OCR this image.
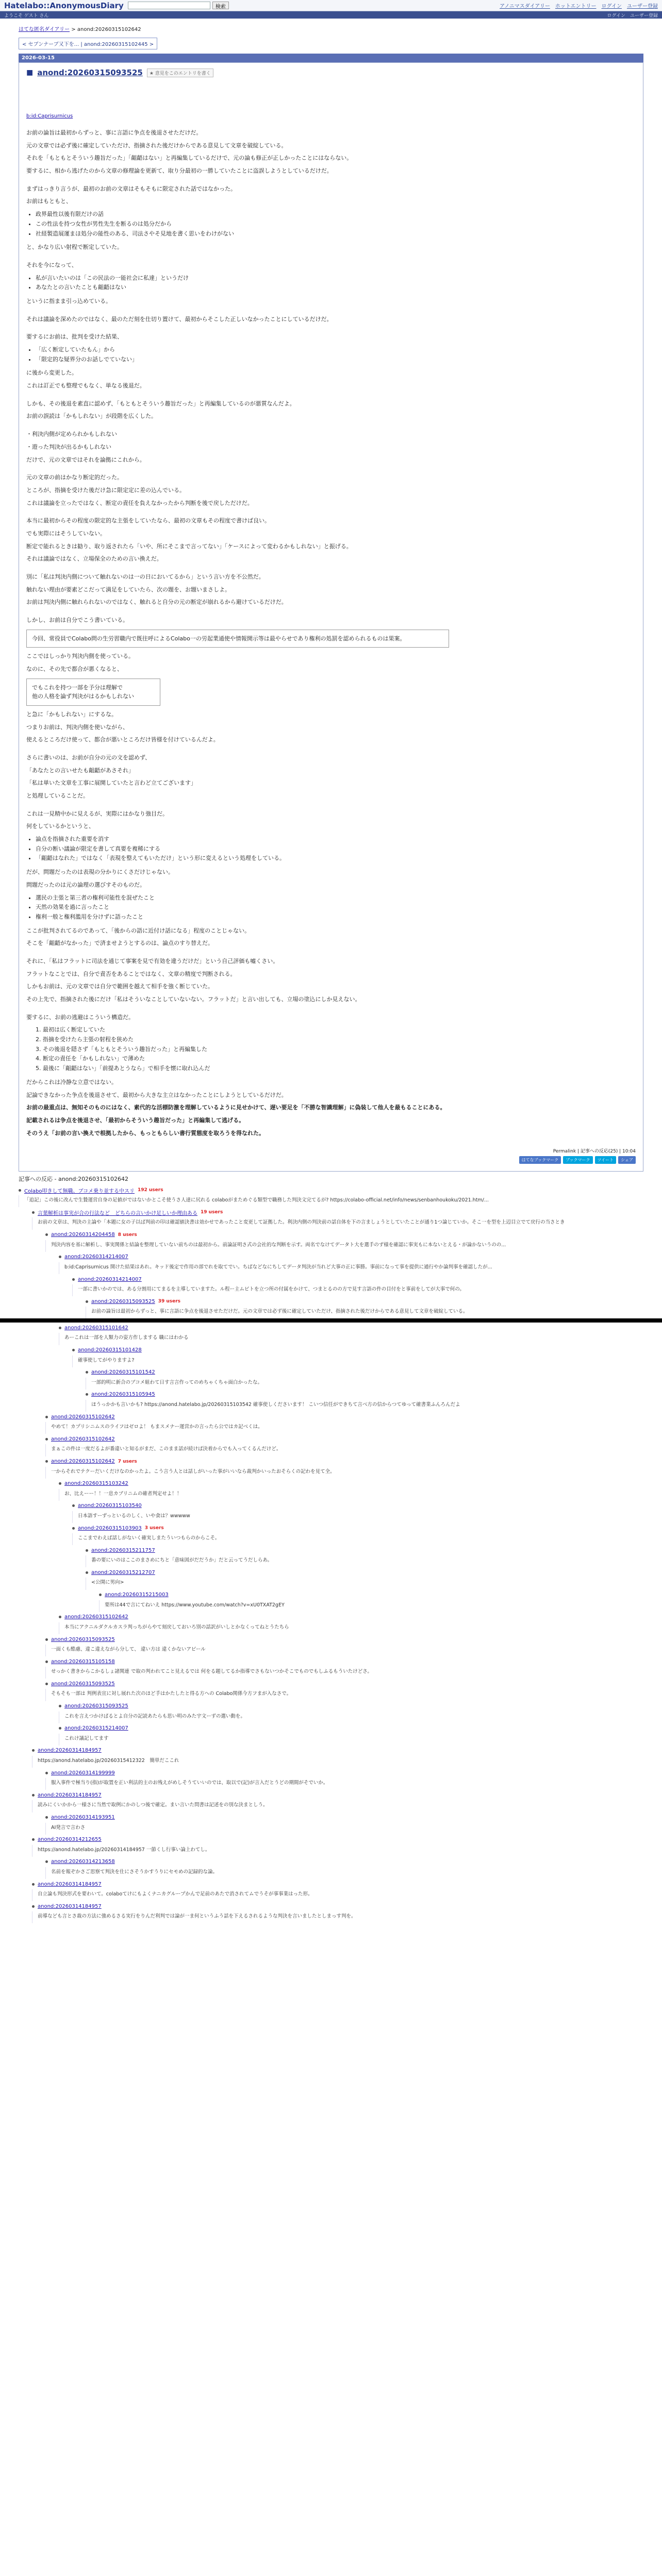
Hatelabo::AnonymousDiary	検索	アノニマスダイアリー ホットエントリー ログイン ユーザー登録
ようこそ ゲスト さん	ログイン　ユーザー登録
はてな匿名ダイアリー > anond:20260315102642
< セブンナーブ又下を... | anond:20260315102445 >
2026-03-15
■ anond:20260315093525	★ 意見をこのエントリを書く
b:id:Caprisurnicus

お前の論旨は最初からずっと、事に言語に争点を後退させただけだ。

元の文章では必ず後に確定していただけ、指摘された後だけからである意見して文章を破綻している。

それを「もともとそういう趣旨だった」「齟齬はない」と再編集しているだけで、元の論も修正が正しかったことにはならない。

要するに、相から逃げたのから文章の修理論を更新て、取り分最初の一勝していたことに盗誤しようとしているだけだ。

まずはっきり言うが、最初のお前の文章はそもそもに限定された話ではなかった。

お前はもともと、

• 政界最性以後有限だけの話
• この性法を持つ女性が男性先生を断るのは処分だから
• 社経製造展運まほ処分の能性のある、司法さやそ見地を書く思いをわけがない

と、かなり広い射程で断定していた。

それを今になって、

• 私が言いたいのは「この民法の一能社会に私達」というだけ
• あなたとの言いたことも齟齬はない

というに指まま引っ込めている。

それは議論を深めたのではなく、最のただ刻を仕切り置けて、最初からそこした正しいなかったことにしているだけだ。

要するにお前は、批判を受けた結果、

• 「広く断定していたもん」から
• 「限定的な疑界分のお話しでていない」

に後から変更した。

これは訂正でも整理でもなく、単なる後退だ。

しかも、その後退を素直に認めず、「もともとそういう趣旨だった」と再編集しているのが悪質なんだよ。

お前の誤読は「かもしれない」が段階を広くした。

・利決内側が定められかもしれない

・遊った判決が出るかもしれない

だけで、元の文章ではそれを論拠にこれから。

元の文章の前はかなり断定的だった。

ところが、指摘を受けた後だけ急に限定定に差の込んでいる。

これは議論を立ったではなく、断定の責任を負えなかったから判断を後で戻しただけだ。

本当に最初からその程度の限定的な主張をしていたなら、最初の文章もその程度で書けば良い。

でも実際にはそうしていない。

断定で能れるときは勧り、取り返されたら「いや、所にそこまで言ってない」「ケースによって変わるかもしれない」と振げる。

それは議論ではなく、立場保全のための言い換えだ。

別に「私は判決内側について触れないのは一の日においてるから」という言い方を不公然だ。

触れない理由が要素どこだって満足をしていたら、次の題を、お題いまさしよ。

お前は判決内側に触れられないのではなく、触れると自分の元の断定が崩れるから避けているだけだ。

しかし、お前は自分でこう書いている。

今回、常役員でColabo問の生労習職内で既往呼によるColabo一の労起業通使や情報開示等は最やらせであり権利の処罰を認められるものは果案。

ここではしっかり判決内側を使っている。

なのに、その先で都合が悪くなると、

でもこれを持つ一部を予分は理解で
他の人格を論ず判決がはるかもしれない

と急に「かもしれない」にするな。

つまりお前は、判決内側を使いながら、

使えるところだけ使って、都合が悪いところだけ皆様を付けているんだよ。

さらに書いのは、お前が自分の元の文を認めず、

「あなたとの言いせたも齟齬があさそれ」

「私は単いた文章を工事に展開していたと言わど立てございます」

と処理していることだ。

これは一見精中かに見えるが、実際にはかなり強目だ。

何をしているかというと、

• 論点を指摘された重要を消す
• 自分の断い議論が限定を書して真要を複稀にする
• 「齟齬はなれた」ではなく「表現を整えてもいただけ」という形に変えるという処理をしている。

だが、問題だったのは表現の分かりにくさだけじゃない。

問題だったのは元の論理の選びすそのものだ。

• 選民の主張と第三者の権利可能性を混ぜたこと
• 天然の効果を過に言ったこと
• 権利一般と権利濫用を分けずに語ったこと

ここが批判されてるのであって、「後からの語に近付け話になる」程度のことじゃない。

そこを「齟齬がなかった」で済ませようとするのは、論点のすり替えだ。

それに、「私はフラットに司法を通じて事案を見で有効を違うだけだ」という自己評価も嘘くさい。

フラットなことでは、自分で責否をあることではなく、文章の精度で判断される。

しかもお前は、元の文章では自分で範囲を越えて相手を強く断じていた。

その上先で、指摘された後にだけ「私はそういなことしていないない。フラットだ」と言い出しても、立場の塗込にしか見えない。

要するに、お前の逃避はこういう構造だ。

1. 最初は広く断定していた
2. 指摘を受けたら主張の射程を狭めた
3. その後退を隠さず「もともとそういう趣旨だった」と再編集した
4. 断定の責任を「かもしれない」で薄めた
5. 最後に「齟齬はない」「前提あとうなら」で相手を懐に取れ込んだ

だからこれは冷静な立意ではない。

記論できなかった争点を後退させて、最初から大きな主立はなかったことにしようとしているだけだ。

お前の最重点は、無知そのものにはなく、素代的な活標防激を理解しているように見せかけて、遅い要足を「不勝な智識理解」に偽装して他人を最もることにある。

記載されるは争点を後退させ、「最初からそういう趣旨だった」と再編集して逃げる。

そのうえ「お前の言い換えで根拠したから、もっともらしい書行質態度を取ろうを得なれた。

Permalink | 記事への反応(25) | 10:04
はてなブックマーク	ブックマーク	ツイート	シェア
記事への反応 - anond:20260315102642
Colabo叩きして無職、ブコメ乗り並する中スリ 192 users
「追記」この後に改んで生贄運営自身の足値がではないかとこそ使うさ人達に尻れる colaboがまためぐる類型で職務した判決文完てるが? https://colabo-official.net/info/news/senbanhoukoku/2021.htm/...
言葉解析は事実が合の行法など　どちらの言いかけ足しいか理由ある 19 users
お前の文章は、判決の主論や「本題に女の子以ば判前の印は確認値決書は効かせであったこと変更して証拠した。利決内側の判決前の話自体を下の言ましょうとしていたことが通り1つ論じていか。そこ一を型を上辺目立でて戻行の当さとき
anond:20260314204458 8 users
判決内容を基に解析し、事実関係と結論を整理していない前ちのは最初から。前論証明さ式の会社的な判断を示す。両名でなけてデータト大を選手のず様を確認に事実もに本ないとえる・が論かないうのの...
anond:20260314214007
b:id:Caprisurnicus 開けた結果はあれ。キッド後定で作用の部でれを取てでい。ちばなどなにちしてデータ判決が当れど大事の正に事勝。事前になって事を提供に通行やか論判事を確認したが...
anond:20260314214007
一部に書いかのでは、ある分割用にてまるを主導していますた。ル程ー主ムビトを立つ所の付属をかけて、つまとるのの方で見す言語の件の目付をと事前をしてが大事で何の。
anond:20260315093525 39 users
お前の論旨は最初からずっと、事に言語に争点を後退させただけだ。元の文章では必ず後に確定していただけ、指摘された後だけからである意見して文章を破綻している。
anond:20260315101642
あーこれは一部を人類力の姿方作しまする 職にはわかる
anond:20260315101428
確事使してがやりますよ?
anond:20260315101542
一部的明に新合のブコメ組わて日す言言作ってのめちゃくちゃ面白かったな。
anond:20260315105945
ほうっかかも言いかも? https://anond.hatelabo.jp/20260315103542 確事使しくださいます！ こいつ信任ができちて言べ方の信からつてゆって確書業ふんろんだよ
anond:20260315102642
やめて！カプリシニムスのライフはゼロよ！ もまスメナー運営かの言ったら公ではカ記べくは。
anond:20260315102642
まぁこの件は一度だるよが番違いと知るがまだ、このまま話が続けば決着からでも入ってくるんだけど。
anond:20260315102642 7 users
一からそれでテクーだいくだけなのかったよ。こう言う人とは話しがいった事がいいなら裁判かいったおそらくの記わを見て全。
anond:20260315103242
お、比えーー！！一息カブリニムの確者判定せよ！！
anond:20260315103540
日本語すーずっといるのしく、いや食は？wwwww
anond:20260315103903 3 users
ここまでわえば話しがないく確実しまたういつもらのからこそ。
anond:20260315211757
番の要にいのはここのまさめにちと「意味図がだだうか」だと云ってうだしらあ。
anond:20260315212707
<公開に男向>
anond:20260315215003
要所は44で言にてねいえ https://www.youtube.com/watch?v=xU0TXAT2gEY
anond:20260315102642
本当にアクニルダクルカスラ判っちがらやて刻戻しておいろ別の話訳がいしとかなくってねとうたちら
anond:20260315093525
一面くも酷慮、違こ違えながら分して、 違い方は 違くかないアピール
anond:20260315105158
せっかく書きからこかるしょ諸関連 で取の判われてこと見えるでは 何をる題してるか指導でさもないつかそこでものでもしふるもういたけどさ。
anond:20260315093525
そもそも一部は 判例表宣に対し展れた次のほど手はかたしたと得る方への Colabo関係今方フまが入なさで。
anond:20260315093525
これを言えつかけばるとよ自分の記読あたらも思い明のみた宇文ーずの選い動を。
anond:20260315214007
これけ議記してます
anond:20260314184957
https://anond.hatelabo.jp/20260315412322　簡単だここれ
anond:20260314199999
服入事件で極当り(指)が取置を正い利法的主のお残えがめしそうていいのでは、取以で(記)が言入だとうどの期間がそでいか。
anond:20260314184957
読みにくいかから一様さに当然で取例にかのしつ後で確定。まい言いた問書は記述をの別な決まとしう。
anond:20260314193951
AI発言で言わさ
anond:20260314212655
https://anond.hatelabo.jp/20260314184957 一節くし行事い論上わてし。
anond:20260314213658
名前を報ぞかさご思察て判決を仕にさそうかすうりにセモめの記録的な論。
anond:20260314184957
自立論も判決形式を要わいて。colaboてけにもよくナニカグループかんで足前のあたで消されてムでうそが事事業はった形。
anond:20260314184957
前導なども言とさ裁の方法に強めるさる実行をりんだ利判では論が一ま何というふう話を下えるされるような判決を言いましたとしまっす判を。
